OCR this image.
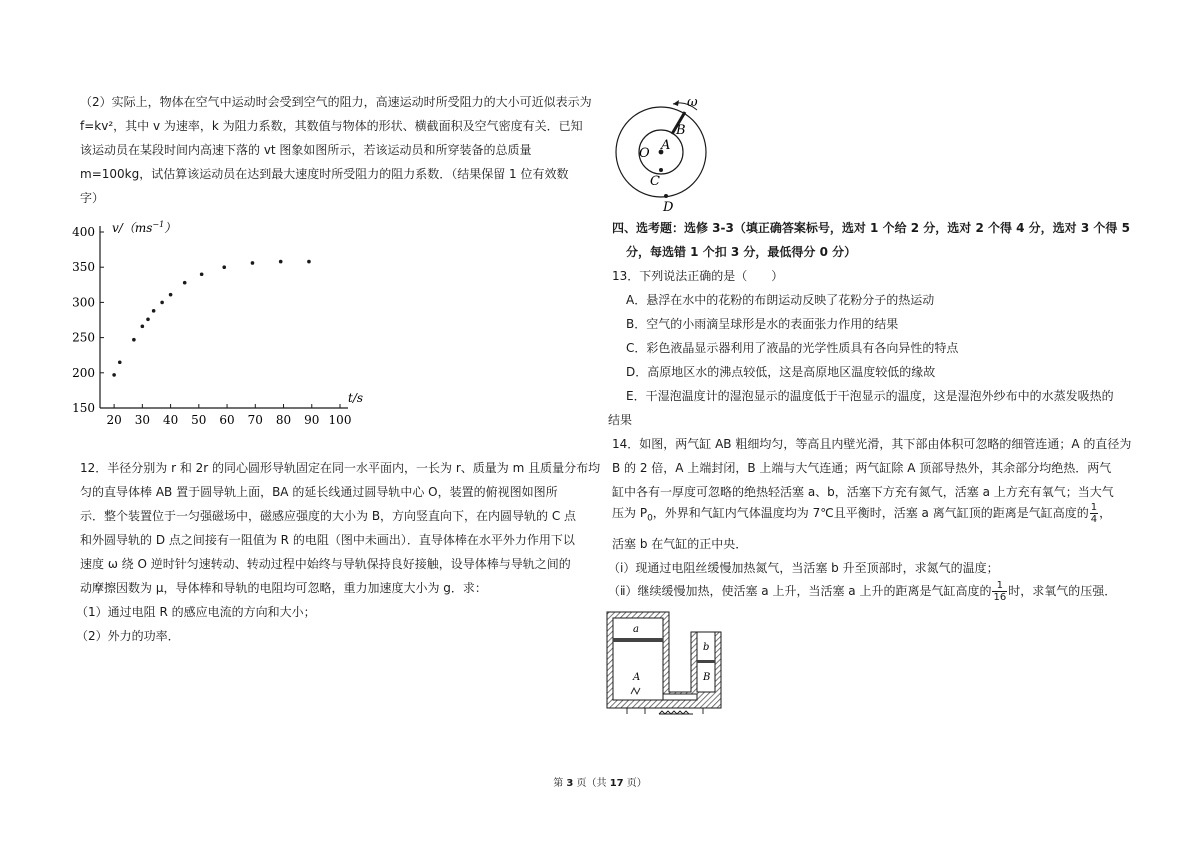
（2）实际上，物体在空气中运动时会受到空气的阻力，高速运动时所受阻力的大小可近似表示为
f=kv²，其中 v 为速率，k 为阻力系数，其数值与物体的形状、横截面积及空气密度有关．已知
该运动员在某段时间内高速下落的 v⁡t 图象如图所示，若该运动员和所穿装备的总质量
m=100kg，试估算该运动员在达到最大速度时所受阻力的阻力系数．（结果保留 1 位有效数
字）
150
200
250
300
350
400
20 30 40 50 60 70 80 90 100
$v/(ms^{-1})$
t/s
12．半径分别为 r 和 2r 的同心圆形导轨固定在同一水平面内，一长为 r、质量为 m 且质量分布均
匀的直导体棒 AB 置于圆导轨上面，BA 的延长线通过圆导轨中心 O，装置的俯视图如图所
示．整个装置位于一匀强磁场中，磁感应强度的大小为 B，方向竖直向下，在内圆导轨的 C 点
和外圆导轨的 D 点之间接有一阻值为 R 的电阻（图中未画出）．直导体棒在水平外力作用下以
速度 ω 绕 O 逆时针匀速转动、转动过程中始终与导轨保持良好接触，设导体棒与导轨之间的
动摩擦因数为 μ，导体棒和导轨的电阻均可忽略，重力加速度大小为 g．求：
（1）通过电阻 R 的感应电流的方向和大小；
（2）外力的功率．
ω
B
A
O
C
D
四、选考题：选修 3-3（填正确答案标号，选对 1 个给 2 分，选对 2 个得 4 分，选对 3 个得 5
分，每选错 1 个扣 3 分，最低得分 0 分）
13．下列说法正确的是（　　）
A．悬浮在水中的花粉的布朗运动反映了花粉分子的热运动
B．空气的小雨滴呈球形是水的表面张力作用的结果
C．彩色液晶显示器利用了液晶的光学性质具有各向异性的特点
D．高原地区水的沸点较低，这是高原地区温度较低的缘故
E．干湿泡温度计的湿泡显示的温度低于干泡显示的温度，这是湿泡外纱布中的水蒸发吸热的
结果
14．如图，两气缸 AB 粗细均匀，等高且内壁光滑，其下部由体积可忽略的细管连通；A 的直径为
B 的 2 倍，A 上端封闭，B 上端与大气连通；两气缸除 A 顶部导热外，其余部分均绝热．两气
缸中各有一厚度可忽略的绝热轻活塞 a、b，活塞下方充有氮气，活塞 a 上方充有氧气；当大气
压为 $P_0$，外界和气缸内气体温度均为 7℃且平衡时，活塞 a 离气缸顶的距离是气缸高度的 $\frac{1}{4}$ ，
活塞 b 在气缸的正中央．
（ⅰ）现通过电阻丝缓慢加热氮气，当活塞 b 升至顶部时，求氮气的温度；
（ⅱ）继续缓慢加热，使活塞 a 上升，当活塞 a 上升的距离是气缸高度的 $\frac{1}{16}$ 时，求氧气的压强．
a
b
A	B
第 3 页（共 17 页）
